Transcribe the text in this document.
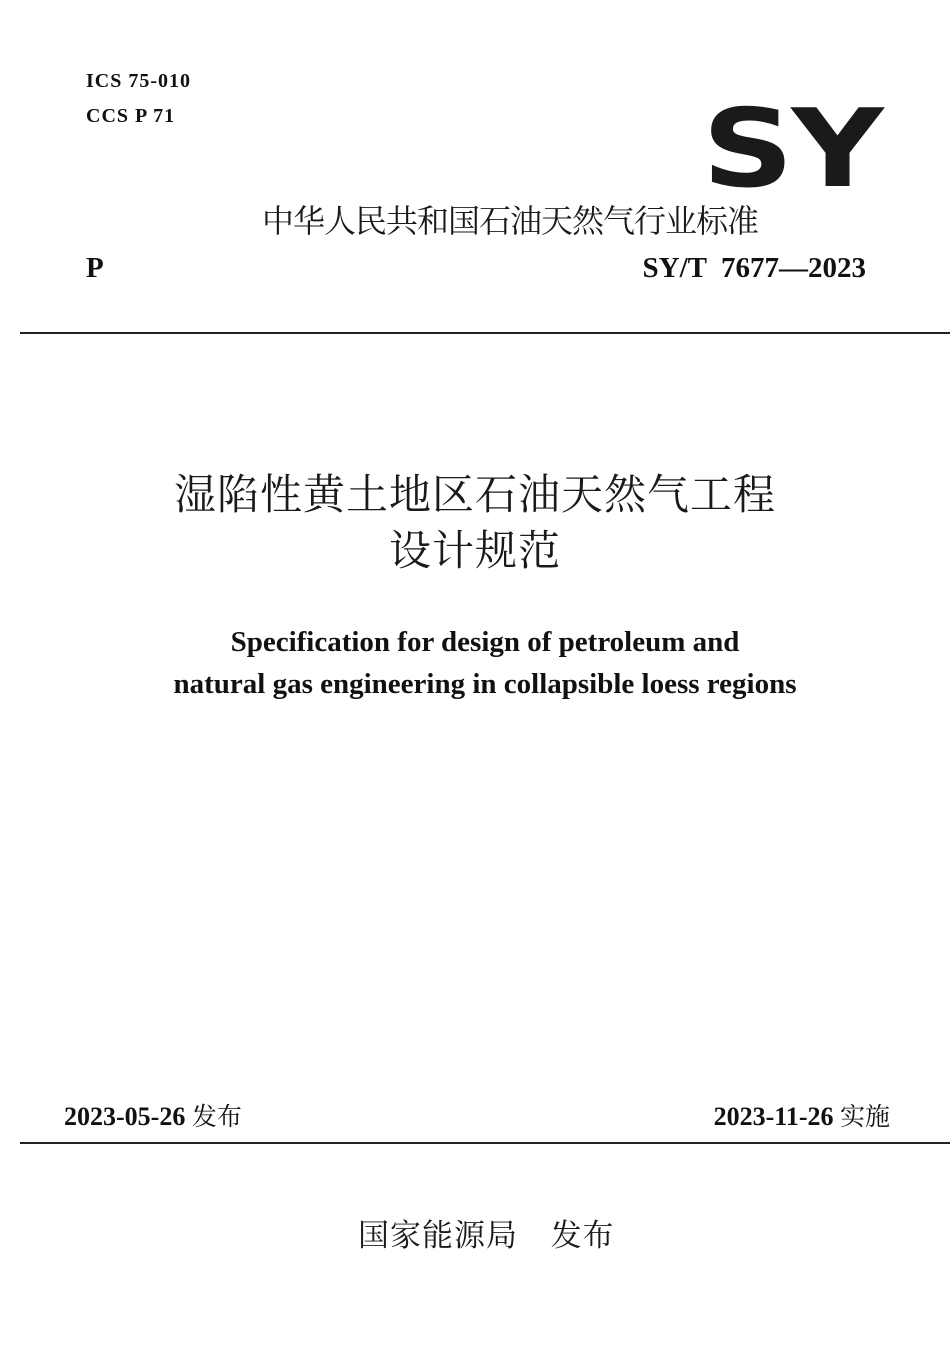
ICS 75-010
CCS P 71	SY
中华人民共和国石油天然气行业标准
P	SY/T  7677—2023
湿陷性黄土地区石油天然气工程
设计规范
Specification for design of petroleum and
natural gas engineering in collapsible loess regions
2023-05-26 发布	2023-11-26 实施
国家能源局 发布
